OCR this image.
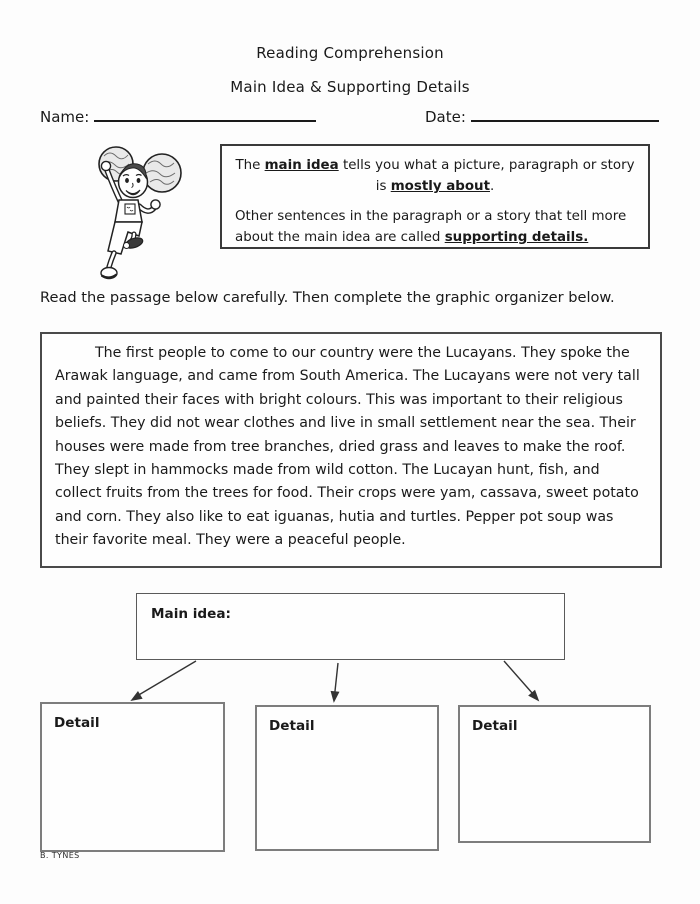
Reading Comprehension
Main Idea & Supporting Details
Name:	Date:

The main idea tells you what a picture, paragraph or story is mostly about.

Other sentences in the paragraph or a story that tell more about the main idea are called supporting details.

Read the passage below carefully. Then complete the graphic organizer below.

The first people to come to our country were the Lucayans. They spoke the Arawak language, and came from South America. The Lucayans were not very tall and painted their faces with bright colours. This was important to their religious beliefs. They did not wear clothes and live in small settlement near the sea. Their houses were made from tree branches, dried grass and leaves to make the roof. They slept in hammocks made from wild cotton. The Lucayan hunt, fish, and collect fruits from the trees for food. Their crops were yam, cassava, sweet potato and corn. They also like to eat iguanas, hutia and turtles. Pepper pot soup was their favorite meal. They were a peaceful people.

Main idea:
Detail	Detail	Detail
B. TYNES
